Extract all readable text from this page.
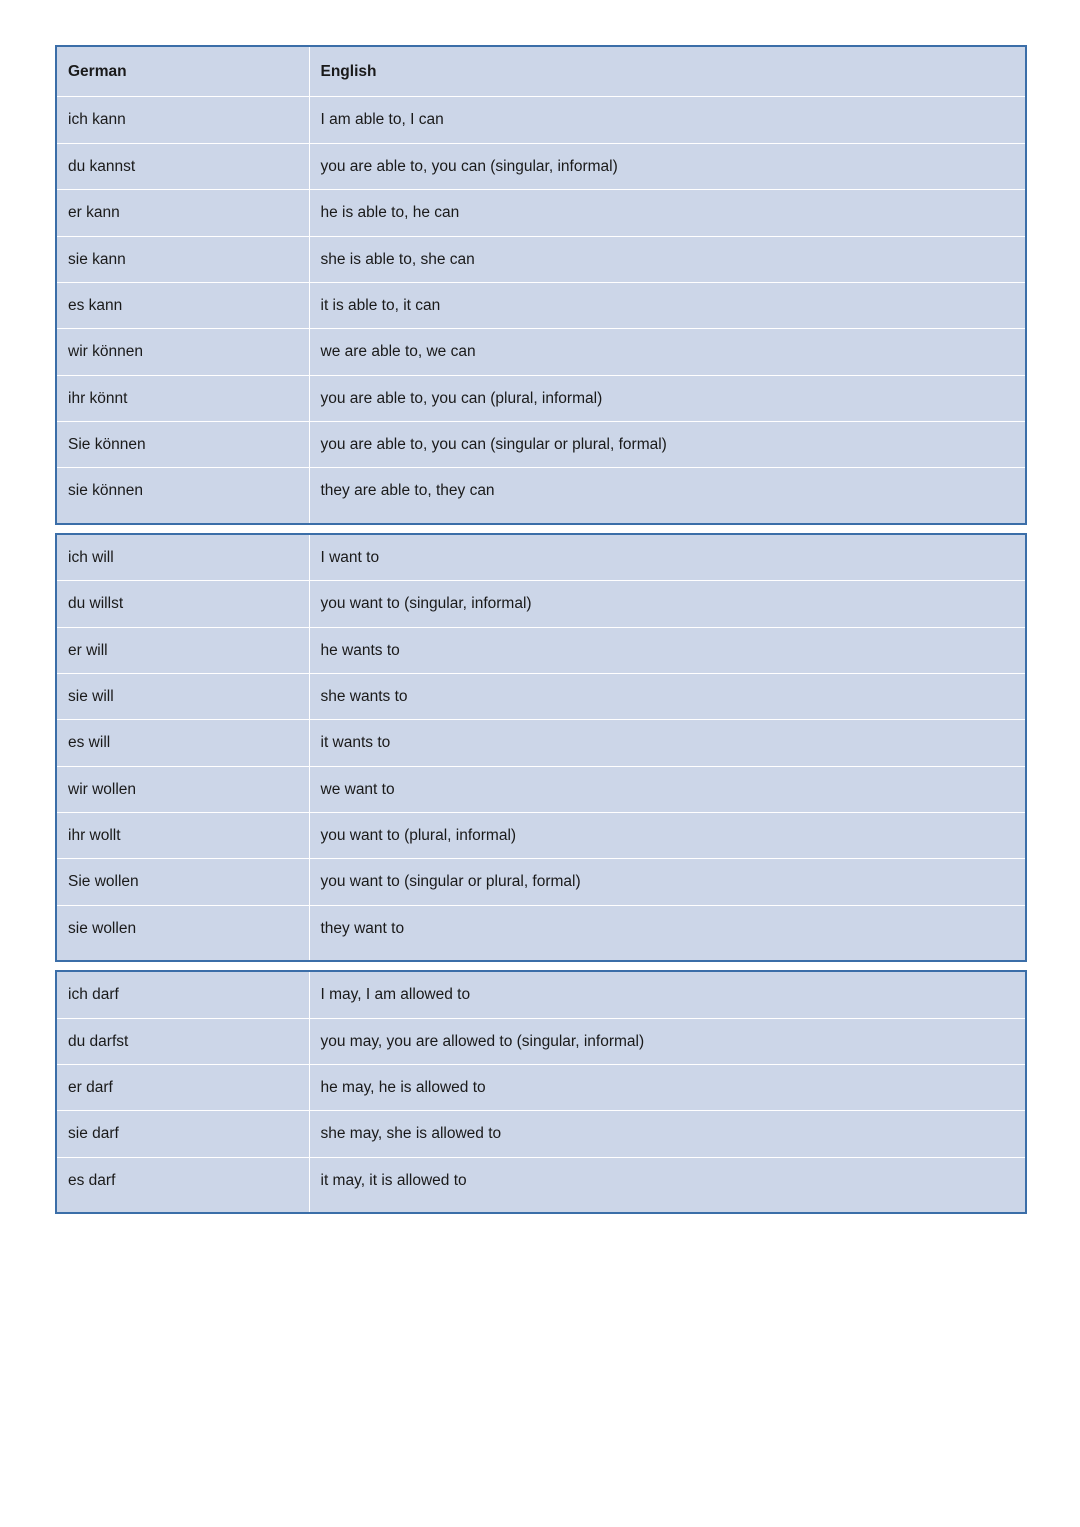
German	English
ich kann	I am able to, I can
du kannst	you are able to, you can (singular, informal)
er kann	he is able to, he can
sie kann	she is able to, she can
es kann	it is able to, it can
wir können	we are able to, we can
ihr könnt	you are able to, you can (plural, informal)
Sie können	you are able to, you can (singular or plural, formal)
sie können	they are able to, they can
ich will	I want to
du willst	you want to (singular, informal)
er will	he wants to
sie will	she wants to
es will	it wants to
wir wollen	we want to
ihr wollt	you want to (plural, informal)
Sie wollen	you want to (singular or plural, formal)
sie wollen	they want to
ich darf	I may, I am allowed to
du darfst	you may, you are allowed to (singular, informal)
er darf	he may, he is allowed to
sie darf	she may, she is allowed to
es darf	it may, it is allowed to
